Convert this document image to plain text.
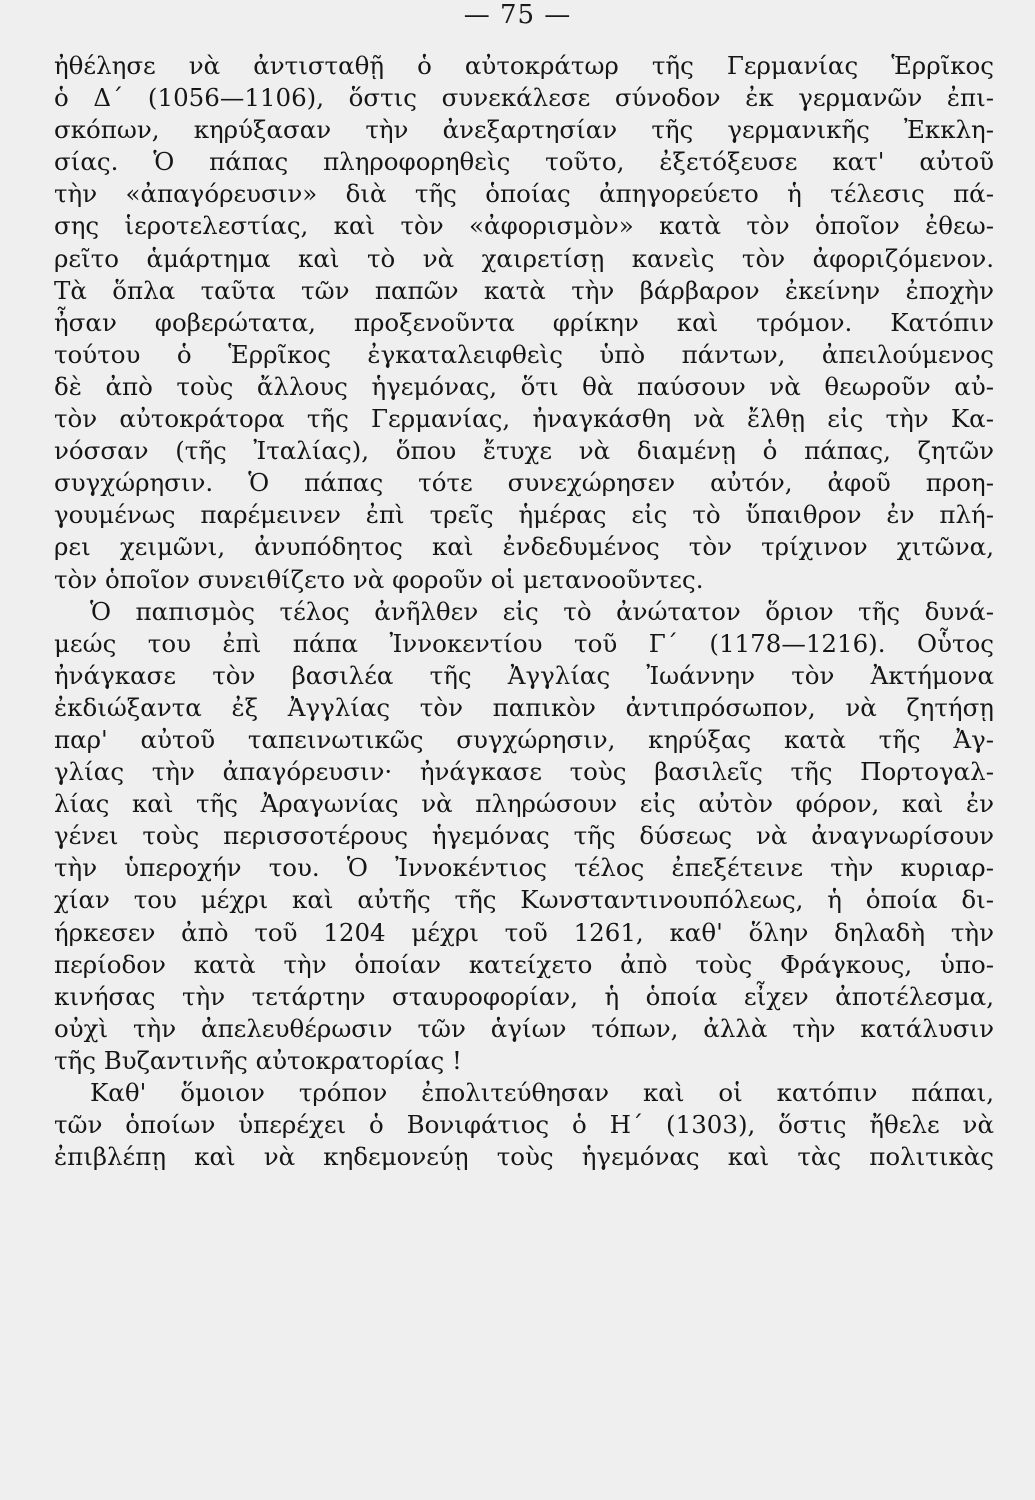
— 75 —
ἠθέλησε νὰ ἀντισταθῇ ὁ αὐτοκράτωρ τῆς Γερμανίας Ἑρρῖκος
ὁ Δ΄ (1056—1106), ὅστις συνεκάλεσε σύνοδον ἐκ γερμανῶν ἐπι-
σκόπων, κηρύξασαν τὴν ἀνεξαρτησίαν τῆς γερμανικῆς Ἐκκλη-
σίας. Ὁ πάπας πληροφορηθεὶς τοῦτο, ἐξετόξευσε κατ' αὐτοῦ
τὴν «ἀπαγόρευσιν» διὰ τῆς ὁποίας ἀπηγορεύετο ἡ τέλεσις πά-
σης ἱεροτελεστίας, καὶ τὸν «ἀφορισμὸν» κατὰ τὸν ὁποῖον ἐθεω-
ρεῖτο ἁμάρτημα καὶ τὸ νὰ χαιρετίσῃ κανεὶς τὸν ἀφοριζόμενον.
Τὰ ὅπλα ταῦτα τῶν παπῶν κατὰ τὴν βάρβαρον ἐκείνην ἐποχὴν
ἦσαν φοβερώτατα, προξενοῦντα φρίκην καὶ τρόμον. Κατόπιν
τούτου ὁ Ἑρρῖκος ἐγκαταλειφθεὶς ὑπὸ πάντων, ἀπειλούμενος
δὲ ἀπὸ τοὺς ἄλλους ἡγεμόνας, ὅτι θὰ παύσουν νὰ θεωροῦν αὐ-
τὸν αὐτοκράτορα τῆς Γερμανίας, ἠναγκάσθη νὰ ἔλθῃ εἰς τὴν Κα-
νόσσαν (τῆς Ἰταλίας), ὅπου ἔτυχε νὰ διαμένῃ ὁ πάπας, ζητῶν
συγχώρησιν. Ὁ πάπας τότε συνεχώρησεν αὐτόν, ἀφοῦ προη-
γουμένως παρέμεινεν ἐπὶ τρεῖς ἡμέρας εἰς τὸ ὕπαιθρον ἐν πλή-
ρει χειμῶνι, ἀνυπόδητος καὶ ἐνδεδυμένος τὸν τρίχινον χιτῶνα,
τὸν ὁποῖον συνειθίζετο νὰ φοροῦν οἱ μετανοοῦντες.
Ὁ παπισμὸς τέλος ἀνῆλθεν εἰς τὸ ἀνώτατον ὅριον τῆς δυνά-
μεώς του ἐπὶ πάπα Ἰννοκεντίου τοῦ Γ΄ (1178—1216). Οὗτος
ἠνάγκασε τὸν βασιλέα τῆς Ἀγγλίας Ἰωάννην τὸν Ἀκτήμονα
ἐκδιώξαντα ἐξ Ἀγγλίας τὸν παπικὸν ἀντιπρόσωπον, νὰ ζητήσῃ
παρ' αὐτοῦ ταπεινωτικῶς συγχώρησιν, κηρύξας κατὰ τῆς Ἀγ-
γλίας τὴν ἀπαγόρευσιν· ἠνάγκασε τοὺς βασιλεῖς τῆς Πορτογαλ-
λίας καὶ τῆς Ἀραγωνίας νὰ πληρώσουν εἰς αὐτὸν φόρον, καὶ ἐν
γένει τοὺς περισσοτέρους ἡγεμόνας τῆς δύσεως νὰ ἀναγνωρίσουν
τὴν ὑπεροχήν του. Ὁ Ἰννοκέντιος τέλος ἐπεξέτεινε τὴν κυριαρ-
χίαν του μέχρι καὶ αὐτῆς τῆς Κωνσταντινουπόλεως, ἡ ὁποία δι-
ήρκεσεν ἀπὸ τοῦ 1204 μέχρι τοῦ 1261, καθ' ὅλην δηλαδὴ τὴν
περίοδον κατὰ τὴν ὁποίαν κατείχετο ἀπὸ τοὺς Φράγκους, ὑπο-
κινήσας τὴν τετάρτην σταυροφορίαν, ἡ ὁποία εἶχεν ἀποτέλεσμα,
οὐχὶ τὴν ἀπελευθέρωσιν τῶν ἁγίων τόπων, ἀλλὰ τὴν κατάλυσιν
τῆς Βυζαντινῆς αὐτοκρατορίας !
Καθ' ὅμοιον τρόπον ἐπολιτεύθησαν καὶ οἱ κατόπιν πάπαι,
τῶν ὁποίων ὑπερέχει ὁ Βονιφάτιος ὁ Η΄ (1303), ὅστις ἤθελε νὰ
ἐπιβλέπῃ καὶ νὰ κηδεμονεύῃ τοὺς ἡγεμόνας καὶ τὰς πολιτικὰς
